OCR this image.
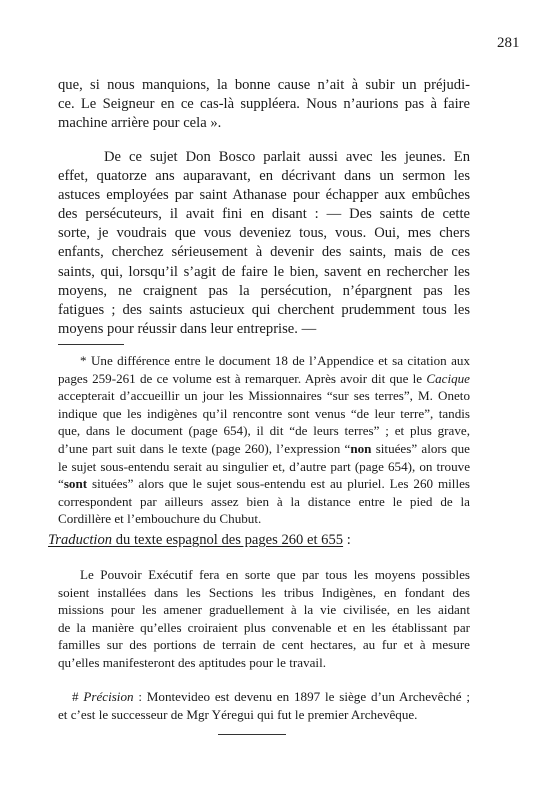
281
que, si nous manquions, la bonne cause n’ait à subir un préjudi-
ce. Le Seigneur en ce cas-là suppléera. Nous n’aurions pas à faire
machine arrière pour cela ».
De ce sujet Don Bosco parlait aussi avec les jeunes. En
effet, quatorze ans auparavant, en décrivant dans un sermon les
astuces employées par saint Athanase pour échapper aux embûches
des persécuteurs, il avait fini en disant : — Des saints de cette
sorte, je voudrais que vous deveniez tous, vous. Oui, mes chers
enfants, cherchez sérieusement à devenir des saints, mais de ces
saints, qui, lorsqu’il s’agit de faire le bien, savent en rechercher les
moyens, ne craignent pas la persécution, n’épargnent pas les
fatigues ; des saints astucieux qui cherchent prudemment tous les
moyens pour réussir dans leur entreprise. —
* Une différence entre le document 18 de l’Appendice et sa citation aux
pages 259-261 de ce volume est à remarquer. Après avoir dit que le Cacique
accepterait d’accueillir un jour les Missionnaires “sur ses terres”, M. Oneto
indique que les indigènes qu’il rencontre sont venus “de leur terre”, tandis
que, dans le document (page 654), il dit “de leurs terres” ; et plus grave,
d’une part suit dans le texte (page 260), l’expression “non situées” alors que
le sujet sous-entendu serait au singulier et, d’autre part (page 654), on trouve
“sont situées” alors que le sujet sous-entendu est au pluriel. Les 260 milles
correspondent par ailleurs assez bien à la distance entre le pied de la
Cordillère et l’embouchure du Chubut.
Traduction du texte espagnol des pages 260 et 655 :
Le Pouvoir Exécutif fera en sorte que par tous les moyens possibles
soient installées dans les Sections les tribus Indigènes, en fondant des
missions pour les amener graduellement à la vie civilisée, en les aidant
de la manière qu’elles croiraient plus convenable et en les établissant par
familles sur des portions de terrain de cent hectares, au fur et à mesure
qu’elles manifesteront des aptitudes pour le travail.
# Précision : Montevideo est devenu en 1897 le siège d’un Archevêché ;
et c’est le successeur de Mgr Yéregui qui fut le premier Archevêque.
